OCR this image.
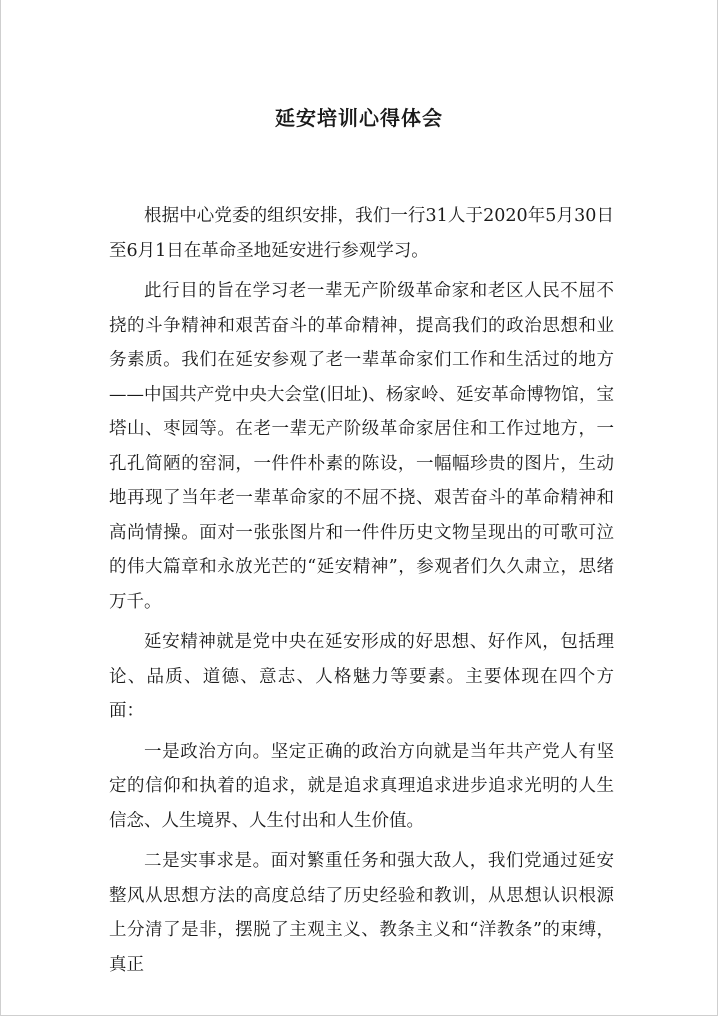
延安培训心得体会

根据中心党委的组织安排，我们一行31人于2020年5月30日至6月1日在革命圣地延安进行参观学习。

此行目的旨在学习老一辈无产阶级革命家和老区人民不屈不挠的斗争精神和艰苦奋斗的革命精神，提高我们的政治思想和业务素质。我们在延安参观了老一辈革命家们工作和生活过的地方——中国共产党中央大会堂(旧址)、杨家岭、延安革命博物馆，宝塔山、枣园等。在老一辈无产阶级革命家居住和工作过地方，一孔孔简陋的窑洞，一件件朴素的陈设，一幅幅珍贵的图片，生动地再现了当年老一辈革命家的不屈不挠、艰苦奋斗的革命精神和高尚情操。面对一张张图片和一件件历史文物呈现出的可歌可泣的伟大篇章和永放光芒的“延安精神”，参观者们久久肃立，思绪万千。

延安精神就是党中央在延安形成的好思想、好作风，包括理论、品质、道德、意志、人格魅力等要素。主要体现在四个方面：

一是政治方向。坚定正确的政治方向就是当年共产党人有坚定的信仰和执着的追求，就是追求真理追求进步追求光明的人生信念、人生境界、人生付出和人生价值。

二是实事求是。面对繁重任务和强大敌人，我们党通过延安整风从思想方法的高度总结了历史经验和教训，从思想认识根源上分清了是非，摆脱了主观主义、教条主义和“洋教条”的束缚，真正
